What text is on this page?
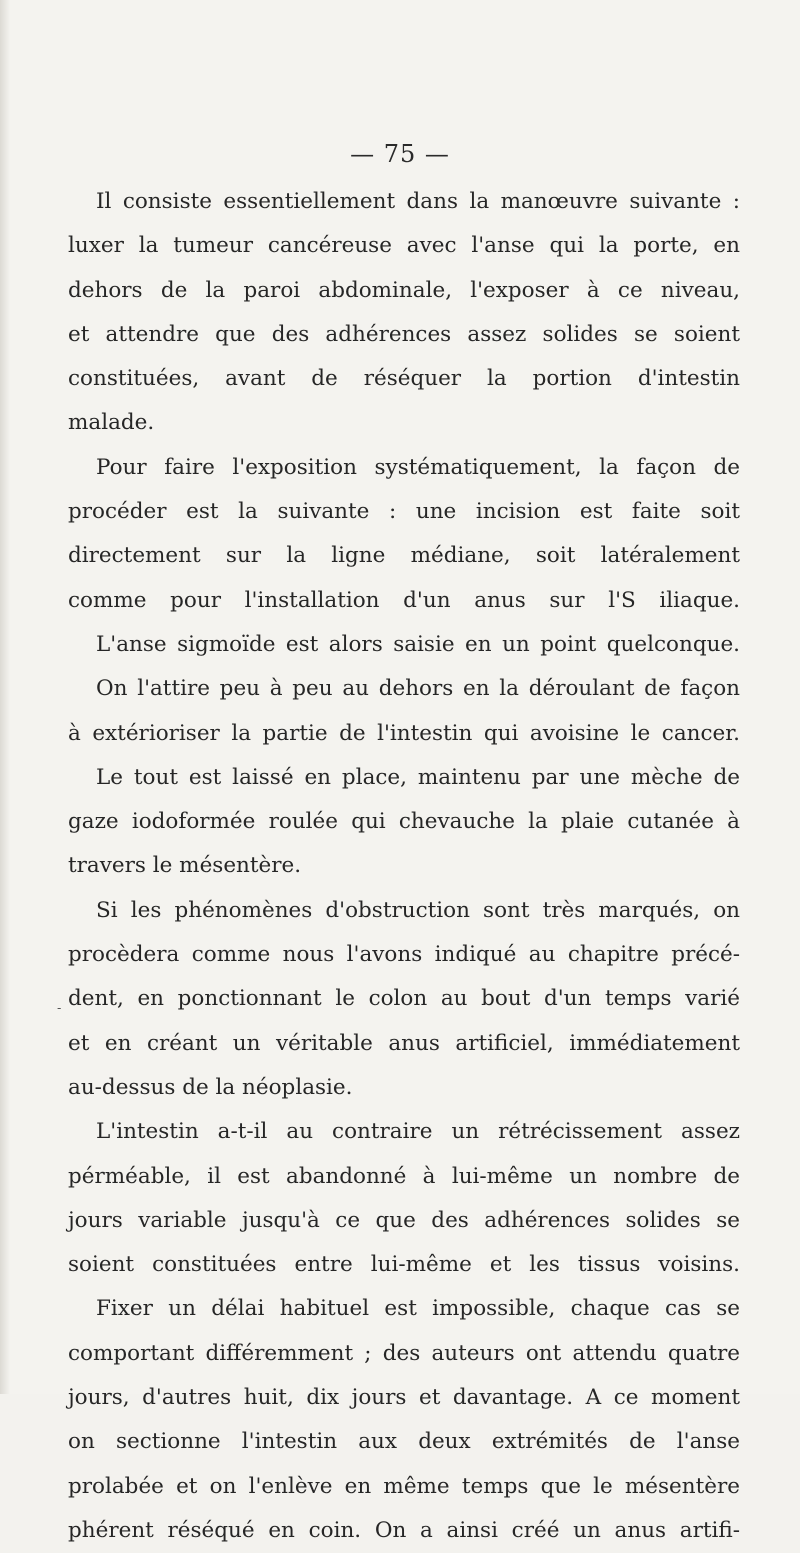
— 75 —
-
Il consiste essentiellement dans la manœuvre suivante :
luxer la tumeur cancéreuse avec l'anse qui la porte, en
dehors de la paroi abdominale, l'exposer à ce niveau,
et attendre que des adhérences assez solides se soient
constituées, avant de réséquer la portion d'intestin
malade.
Pour faire l'exposition systématiquement, la façon de
procéder est la suivante : une incision est faite soit
directement sur la ligne médiane, soit latéralement
comme pour l'installation d'un anus sur l'S iliaque.
L'anse sigmoïde est alors saisie en un point quelconque.
On l'attire peu à peu au dehors en la déroulant de façon
à extérioriser la partie de l'intestin qui avoisine le cancer.
Le tout est laissé en place, maintenu par une mèche de
gaze iodoformée roulée qui chevauche la plaie cutanée à
travers le mésentère.
Si les phénomènes d'obstruction sont très marqués, on
procèdera comme nous l'avons indiqué au chapitre précé-
dent, en ponctionnant le colon au bout d'un temps varié
et en créant un véritable anus artificiel, immédiatement
au-dessus de la néoplasie.
L'intestin a-t-il au contraire un rétrécissement assez
pérméable, il est abandonné à lui-même un nombre de
jours variable jusqu'à ce que des adhérences solides se
soient constituées entre lui-même et les tissus voisins.
Fixer un délai habituel est impossible, chaque cas se
comportant différemment ; des auteurs ont attendu quatre
jours, d'autres huit, dix jours et davantage. A ce moment
on sectionne l'intestin aux deux extrémités de l'anse
prolabée et on l'enlève en même temps que le mésentère
phérent réséqué en coin. On a ainsi créé un anus artifi-
